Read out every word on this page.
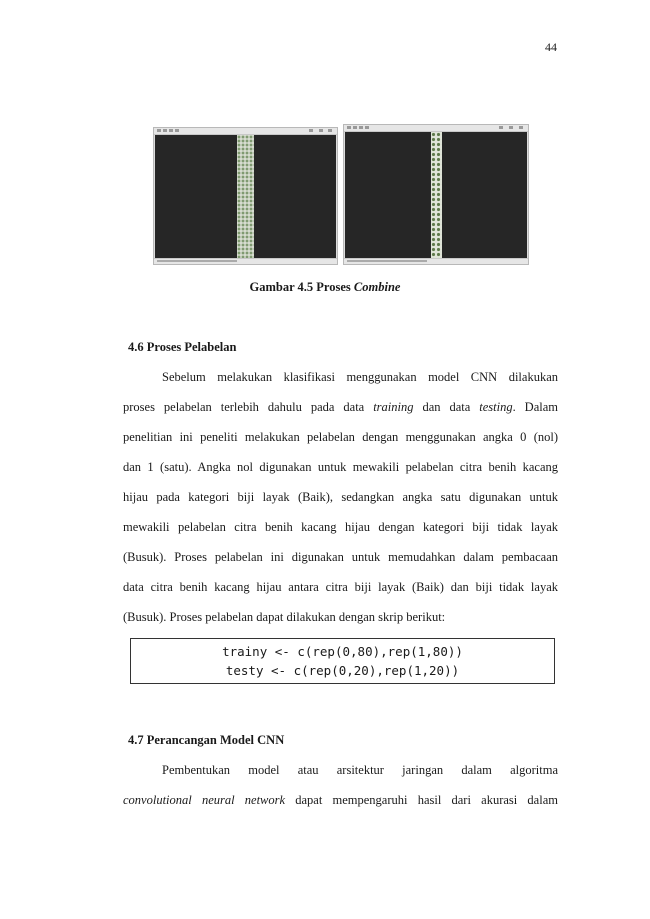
44
Gambar 4.5 Proses Combine
4.6 Proses Pelabelan
Sebelum melakukan klasifikasi menggunakan model CNN dilakukan
proses pelabelan terlebih dahulu pada data training dan data testing. Dalam
penelitian ini peneliti melakukan pelabelan dengan menggunakan angka 0 (nol)
dan 1 (satu). Angka nol digunakan untuk mewakili pelabelan citra benih kacang
hijau pada kategori biji layak (Baik), sedangkan angka satu digunakan untuk
mewakili pelabelan citra benih kacang hijau dengan kategori biji tidak layak
(Busuk). Proses pelabelan ini digunakan untuk memudahkan dalam pembacaan
data citra benih kacang hijau antara citra biji layak (Baik) dan biji tidak layak
(Busuk). Proses pelabelan dapat dilakukan dengan skrip berikut:
trainy <- c(rep(0,80),rep(1,80))
testy <- c(rep(0,20),rep(1,20))
4.7 Perancangan Model CNN
Pembentukan model atau arsitektur jaringan dalam algoritma
convolutional neural network dapat mempengaruhi hasil dari akurasi dalam
